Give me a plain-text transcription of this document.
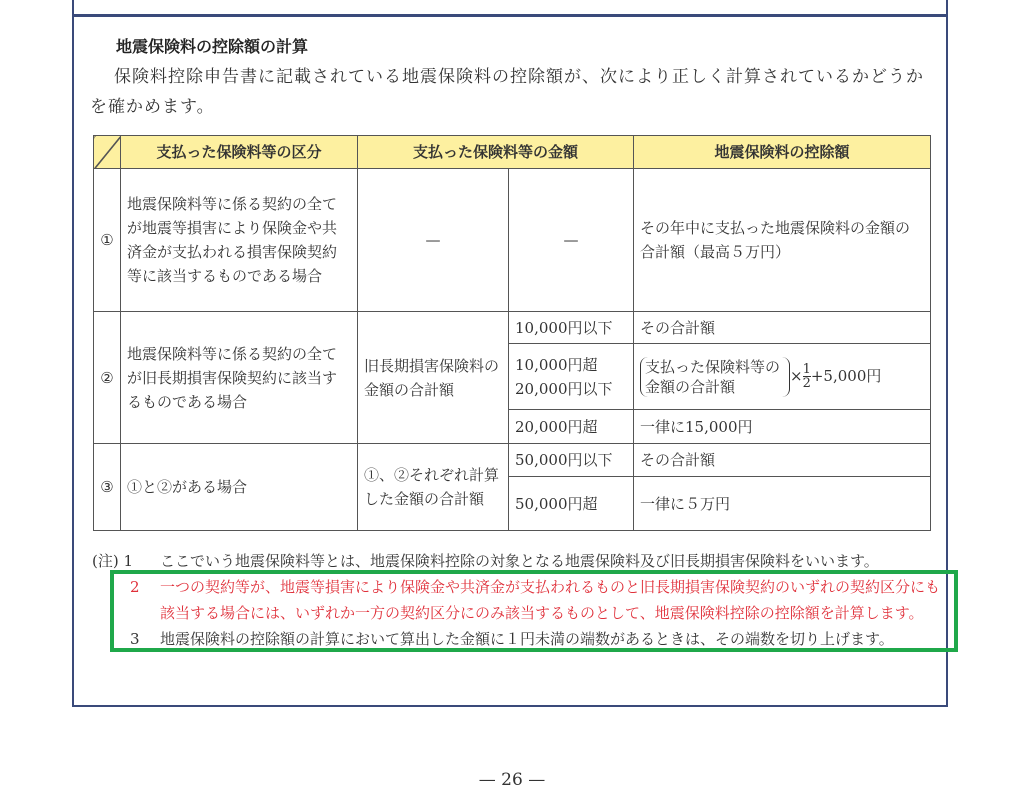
地震保険料の控除額の計算
保険料控除申告書に記載されている地震保険料の控除額が、次により正しく計算されているかどうかを確かめます。
	支払った保険料等の区分	支払った保険料等の金額		地震保険料の控除額
①	地震保険料等に係る契約の全てが地震等損害により保険金や共済金が支払われる損害保険契約等に該当するものである場合	—	—	その年中に支払った地震保険料の金額の合計額（最高５万円）
②	地震保険料等に係る契約の全てが旧長期損害保険契約に該当するものである場合	旧長期損害保険料の金額の合計額	10,000円以下	その合計額
			10,000円超 20,000円以下	支払った保険料等の金額の合計額× $\frac{1}{2} +5,000$円
			20,000円超	一律に15,000円
③	①と②がある場合	①、②それぞれ計算した金額の合計額	50,000円以下	その合計額
			50,000円超	一律に５万円
(注) 1 ここでいう地震保険料等とは、地震保険料控除の対象となる地震保険料及び旧長期損害保険料をいいます。
2 一つの契約等が、地震等損害により保険金や共済金が支払われるものと旧長期損害保険契約のいずれの契約区分にも該当する場合には、いずれか一方の契約区分にのみ該当するものとして、地震保険料控除の控除額を計算します。
3 地震保険料の控除額の計算において算出した金額に１円未満の端数があるときは、その端数を切り上げます。
— 26 —
